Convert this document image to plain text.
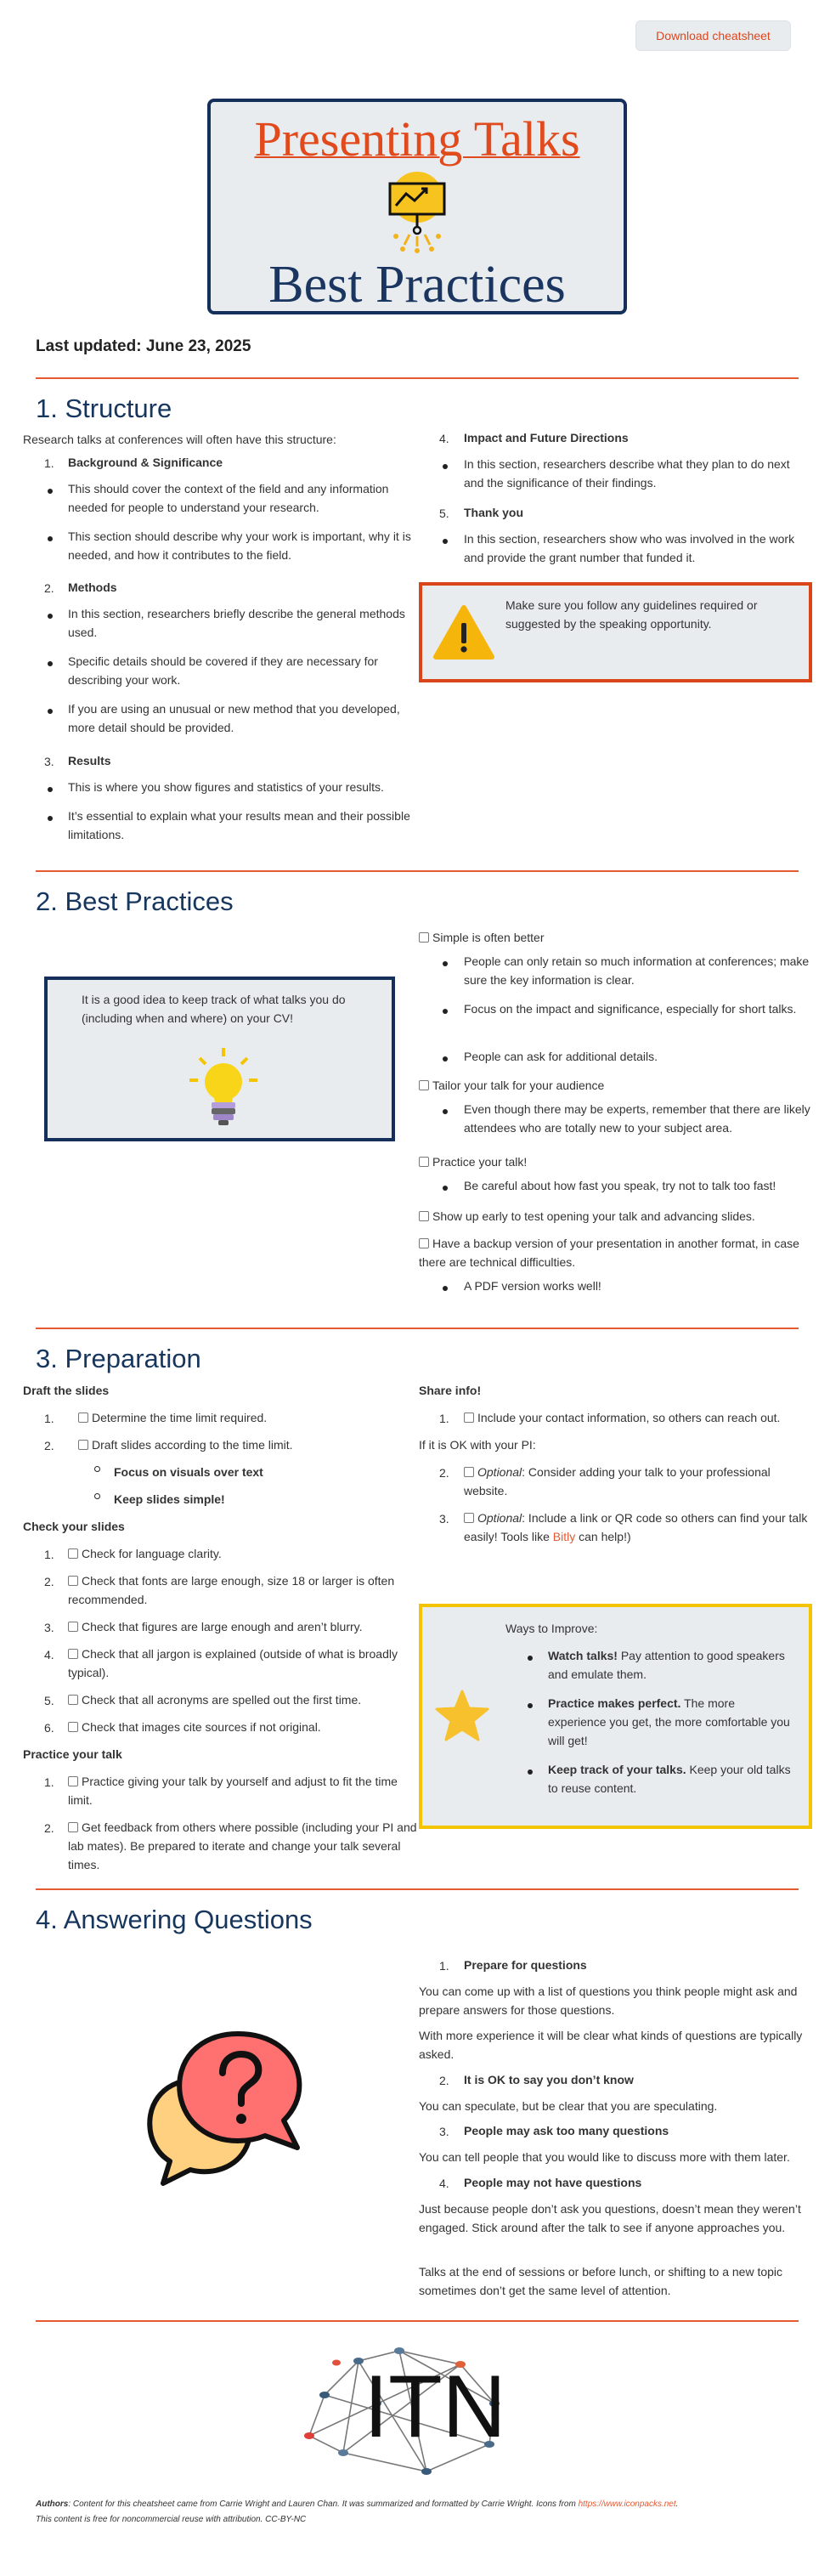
Download cheatsheet
Presenting Talks
Best Practices
Last updated: June 23, 2025
1. Structure
Research talks at conferences will often have this structure:
1. Background & Significance
This should cover the context of the field and any information needed for people to understand your research.
This section should describe why your work is important, why it is needed, and how it contributes to the field.
2. Methods
In this section, researchers briefly describe the general methods used.
Specific details should be covered if they are necessary for describing your work.
If you are using an unusual or new method that you developed, more detail should be provided.
3. Results
This is where you show figures and statistics of your results.
It’s essential to explain what your results mean and their possible limitations.
4. Impact and Future Directions
In this section, researchers describe what they plan to do next and the significance of their findings.
5. Thank you
In this section, researchers show who was involved in the work and provide the grant number that funded it.
Make sure you follow any guidelines required or suggested by the speaking opportunity.
2. Best Practices
It is a good idea to keep track of what talks you do (including when and where) on your CV!
Simple is often better
People can only retain so much information at conferences; make sure the key information is clear.
Focus on the impact and significance, especially for short talks.
People can ask for additional details.
Tailor your talk for your audience
Even though there may be experts, remember that there are likely attendees who are totally new to your subject area.
Practice your talk!
Be careful about how fast you speak, try not to talk too fast!
Show up early to test opening your talk and advancing slides.
Have a backup version of your presentation in another format, in case there are technical difficulties.
A PDF version works well!
3. Preparation
Draft the slides
1.	Determine the time limit required.
2.	Draft slides according to the time limit.
Focus on visuals over text
Keep slides simple!
Check your slides
1.	Check for language clarity.
2.	Check that fonts are large enough, size 18 or larger is often recommended.
3.	Check that figures are large enough and aren’t blurry.
4.	Check that all jargon is explained (outside of what is broadly typical).
5.	Check that all acronyms are spelled out the first time.
6.	Check that images cite sources if not original.
Practice your talk
1.	Practice giving your talk by yourself and adjust to fit the time limit.
2.	Get feedback from others where possible (including your PI and lab mates). Be prepared to iterate and change your talk several times.
Share info!
1.	Include your contact information, so others can reach out.
If it is OK with your PI:
2.	Optional: Consider adding your talk to your professional website.
3.	Optional: Include a link or QR code so others can find your talk easily! Tools like Bitly can help!)
Ways to Improve:
Watch talks! Pay attention to good speakers and emulate them.
Practice makes perfect. The more experience you get, the more comfortable you will get!
Keep track of your talks. Keep your old talks to reuse content.
4. Answering Questions
1. Prepare for questions
You can come up with a list of questions you think people might ask and prepare answers for those questions.
With more experience it will be clear what kinds of questions are typically asked.
2. It is OK to say you don’t know
You can speculate, but be clear that you are speculating.
3. People may ask too many questions
You can tell people that you would like to discuss more with them later.
4. People may not have questions
Just because people don’t ask you questions, doesn’t mean they weren’t engaged. Stick around after the talk to see if anyone approaches you.
Talks at the end of sessions or before lunch, or shifting to a new topic sometimes don’t get the same level of attention.
ITN
Authors: Content for this cheatsheet came from Carrie Wright and Lauren Chan. It was summarized and formatted by Carrie Wright. Icons from https://www.iconpacks.net.
This content is free for noncommercial reuse with attribution. CC-BY-NC
